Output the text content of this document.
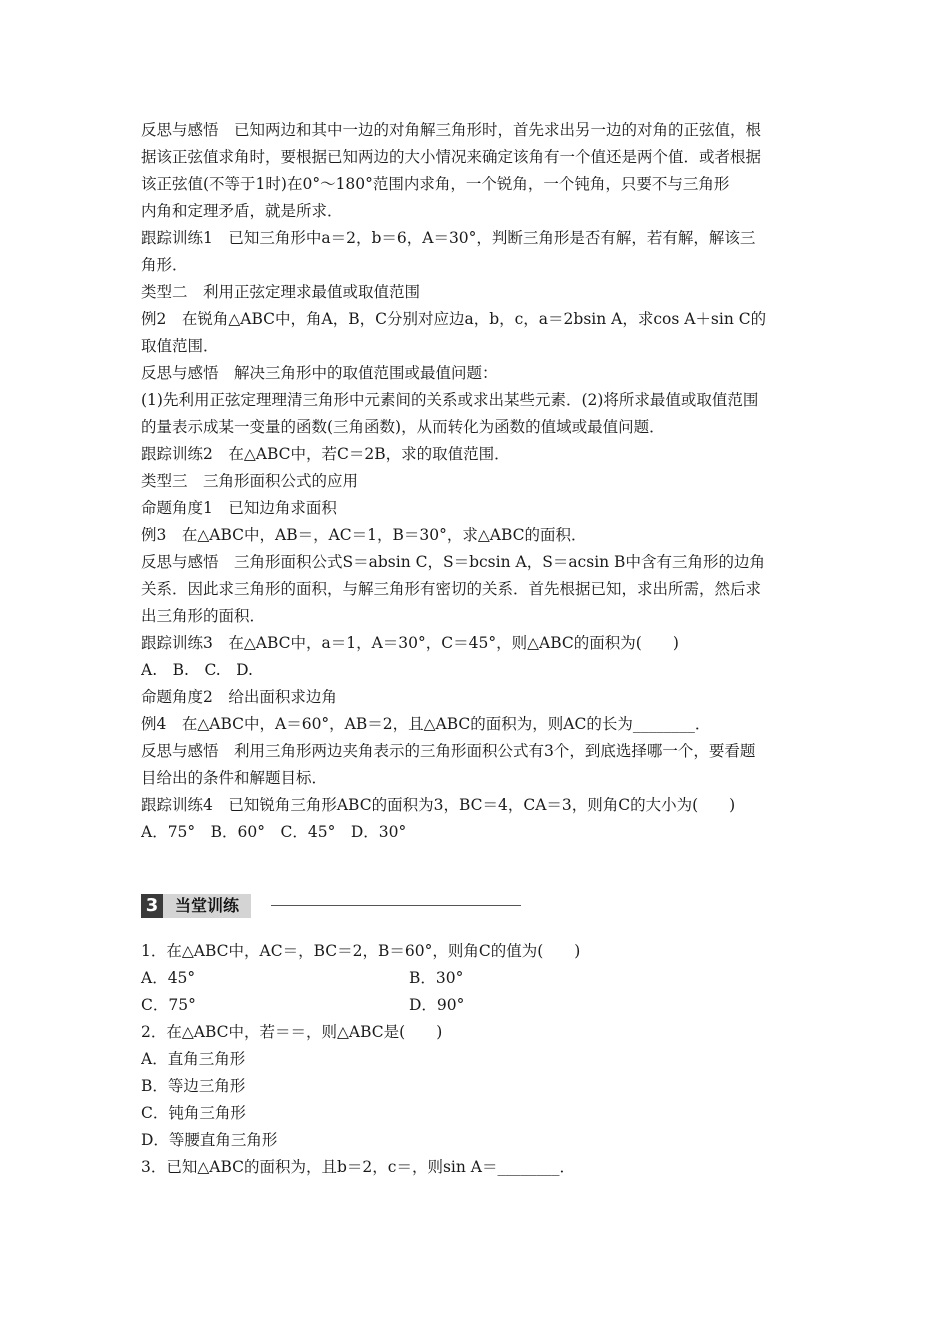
反思与感悟　已知两边和其中一边的对角解三角形时，首先求出另一边的对角的正弦值，根
据该正弦值求角时，要根据已知两边的大小情况来确定该角有一个值还是两个值．或者根据
该正弦值(不等于1时)在0°～180°范围内求角，一个锐角，一个钝角，只要不与三角形
内角和定理矛盾，就是所求．
跟踪训练1　已知三角形中a＝2，b＝6，A＝30°，判断三角形是否有解，若有解，解该三
角形．
类型二　利用正弦定理求最值或取值范围
例2　在锐角△ABC中，角A，B，C分别对应边a，b，c，a＝2bsin A，求cos A＋sin C的
取值范围．
反思与感悟　解决三角形中的取值范围或最值问题：
(1)先利用正弦定理理清三角形中元素间的关系或求出某些元素．(2)将所求最值或取值范围
的量表示成某一变量的函数(三角函数)，从而转化为函数的值域或最值问题．
跟踪训练2　在△ABC中，若C＝2B，求的取值范围．
类型三　三角形面积公式的应用
命题角度1　已知边角求面积
例3　在△ABC中，AB＝，AC＝1，B＝30°，求△ABC的面积．
反思与感悟　三角形面积公式S＝absin C，S＝bcsin A，S＝acsin B中含有三角形的边角
关系．因此求三角形的面积，与解三角形有密切的关系．首先根据已知，求出所需，然后求
出三角形的面积．
跟踪训练3　在△ABC中，a＝1，A＝30°，C＝45°，则△ABC的面积为(　　)
A.　B.　C.　D.
命题角度2　给出面积求边角
例4　在△ABC中，A＝60°，AB＝2，且△ABC的面积为，则AC的长为________．
反思与感悟　利用三角形两边夹角表示的三角形面积公式有3个，到底选择哪一个，要看题
目给出的条件和解题目标．
跟踪训练4　已知锐角三角形ABC的面积为3，BC＝4，CA＝3，则角C的大小为(　　)
A．75°　B．60°　C．45°　D．30°
3	当堂训练
1．在△ABC中，AC＝，BC＝2，B＝60°，则角C的值为(　　)
A．45°	B．30°
C．75°	D．90°
2．在△ABC中，若＝＝，则△ABC是(　　)
A．直角三角形
B．等边三角形
C．钝角三角形
D．等腰直角三角形
3．已知△ABC的面积为，且b＝2，c＝，则sin A＝________．
